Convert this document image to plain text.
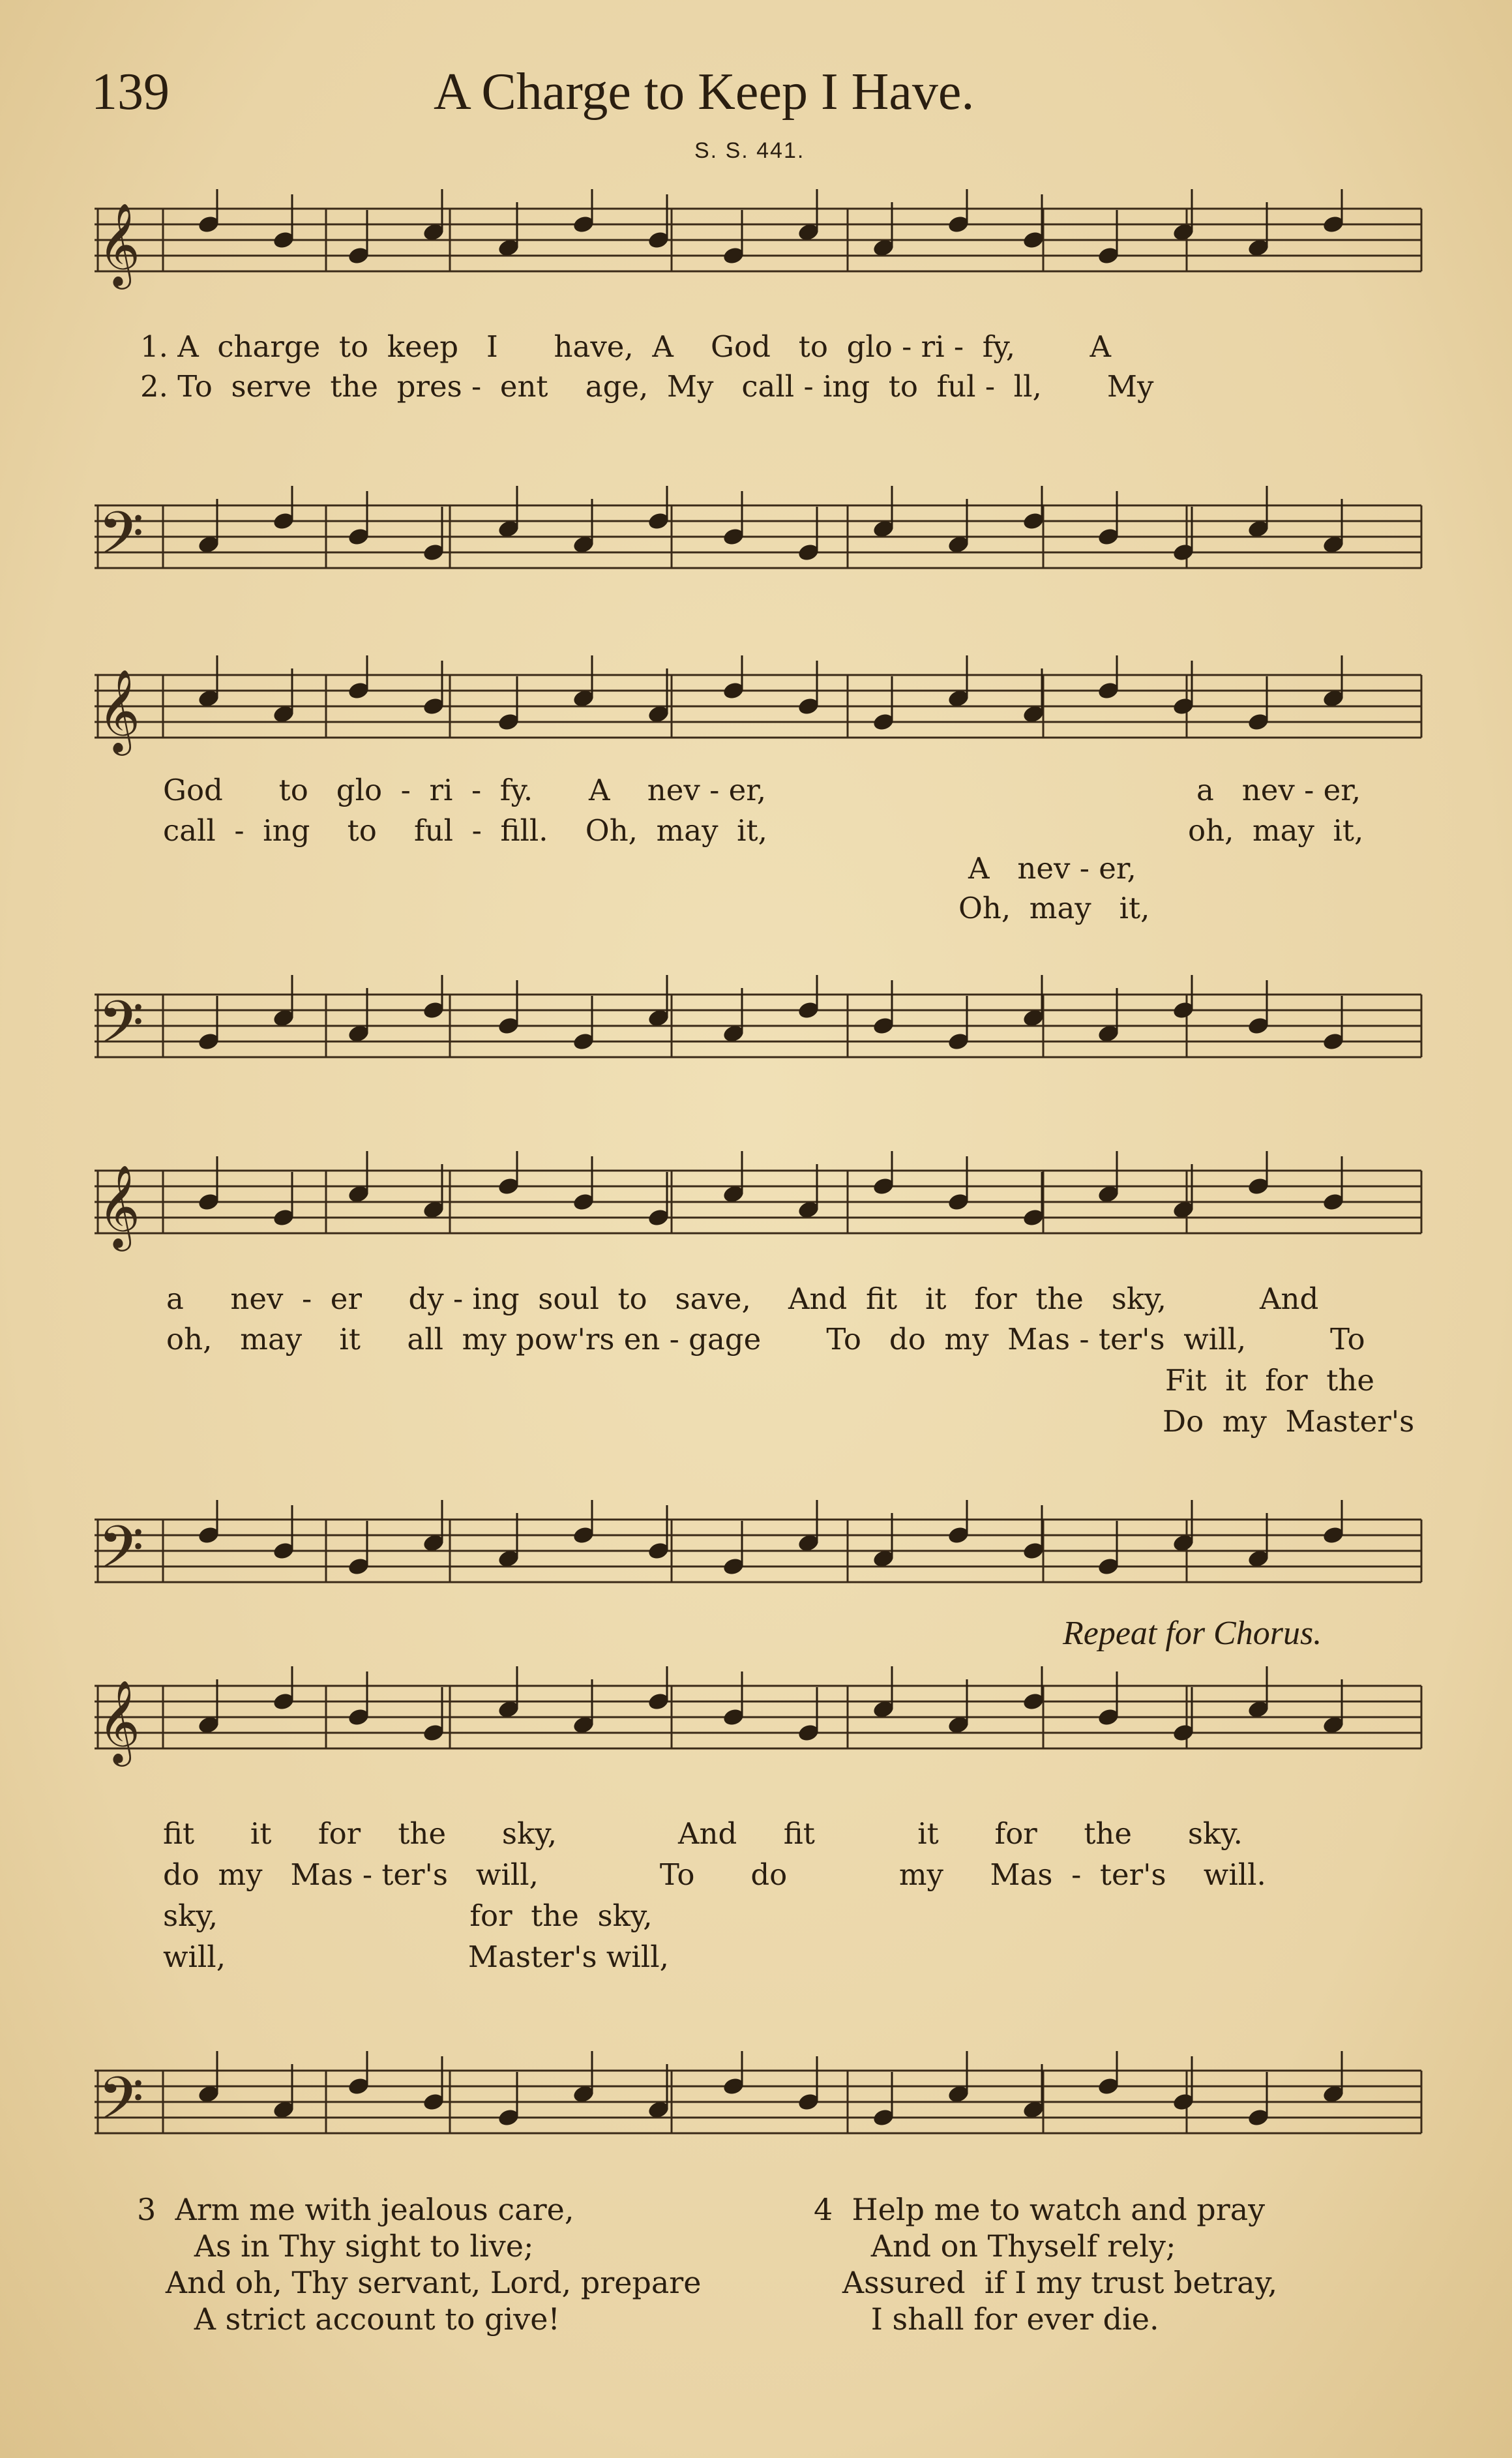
139	A Charge to Keep I Have.
S. S. 441.
𝄞
1. A  charge  to  keep   I      have,  A    God   to  glo - ri -  fy,        A
2. To  serve  the  pres -  ent    age,  My   call - ing  to  ful -  ll,       My
𝄢
𝄞
God      to   glo  -  ri  -  fy.      A    nev - er,
call  -  ing    to    ful  -  fill.    Oh,  may  it,
a   nev - er,
oh,  may  it,
A   nev - er,
Oh,  may   it,
𝄢
𝄞
a     nev  -  er     dy - ing  soul  to   save,    And  fit   it   for  the   sky,          And
oh,   may    it     all  my pow'rs en - gage       To   do  my  Mas - ter's  will,         To
Fit  it  for  the
Do  my  Master's
𝄢
Repeat for Chorus.
𝄞
fit      it     for    the      sky,             And     fit           it      for     the      sky.
do  my   Mas - ter's   will,             To      do            my     Mas  -  ter's    will.
sky,                           for  the  sky,
will,                          Master's will,
𝄢
3  Arm me with jealous care,
As in Thy sight to live;
And oh, Thy servant, Lord, prepare
A strict account to give!
4  Help me to watch and pray
And on Thyself rely;
Assured  if I my trust betray,
I shall for ever die.
